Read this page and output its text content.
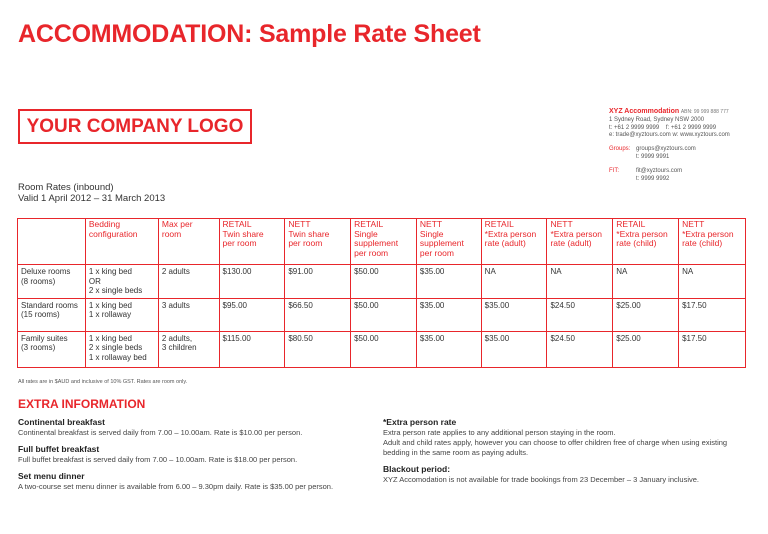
ACCOMMODATION: Sample Rate Sheet
YOUR COMPANY LOGO
XYZ Accommodation ABN: 99 999 888 777
1 Sydney Road, Sydney NSW 2000
t: +61 2 9999 9999 f: +61 2 9999 9999
e: trade@xyztours.com w: www.xyztours.com
Groups: groups@xyztours.com
t: 9999 9991
FIT:	fit@xyztours.com
t: 9999 9992
Room Rates (inbound)
Valid 1 April 2012 – 31 March 2013
	Bedding
configuration	Max per
room	RETAIL
Twin share
per room	NETT
Twin share
per room	RETAIL
Single
supplement
per room	NETT
Single
supplement
per room	RETAIL
*Extra person
rate (adult)	NETT
*Extra person
rate (adult)	RETAIL
*Extra person
rate (child)	NETT
*Extra person
rate (child)
Deluxe rooms
(8 rooms)	1 x king bed
OR
2 x single beds	2 adults	$130.00	$91.00	$50.00	$35.00	NA	NA	NA	NA
Standard rooms
(15 rooms)	1 x king bed
1 x rollaway	3 adults	$95.00	$66.50	$50.00	$35.00	$35.00	$24.50	$25.00	$17.50
Family suites
(3 rooms)	1 x king bed
2 x single beds
1 x rollaway bed	2 adults,
3 children	$115.00	$80.50	$50.00	$35.00	$35.00	$24.50	$25.00	$17.50
All rates are in $AUD and inclusive of 10% GST. Rates are room only.
EXTRA INFORMATION
Continental breakfast
Continental breakfast is served daily from 7.00 – 10.00am. Rate is $10.00 per person.
Full buffet breakfast
Full buffet breakfast is served daily from 7.00 – 10.00am. Rate is $18.00 per person.
Set menu dinner
A two-course set menu dinner is available from 6.00 – 9.30pm daily. Rate is $35.00 per person.
*Extra person rate
Extra person rate applies to any additional person staying in the room.
Adult and child rates apply, however you can choose to offer children free of charge when using existing bedding in the same room as paying adults.
Blackout period:
XYZ Accomodation is not available for trade bookings from 23 December – 3 January inclusive.
